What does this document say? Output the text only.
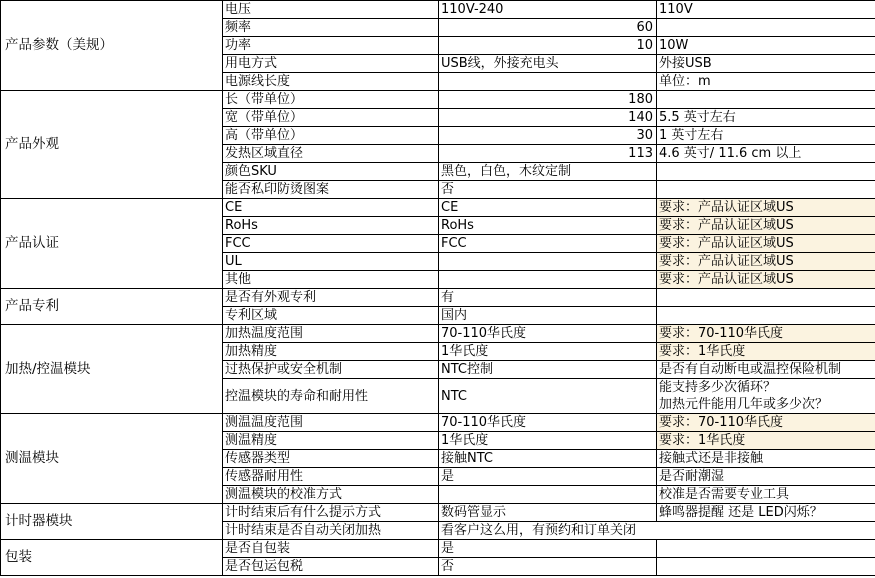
产品参数（美规）	电压	110V-240	110V
	频率	60	
	功率	10	10W
	用电方式	USB线，外接充电头	外接USB
	电源线长度		单位：m
产品外观	长（带单位）	180	
	宽（带单位）	140	5.5 英寸左右
	高（带单位）	30	1 英寸左右
	发热区域直径	113	4.6 英寸/ 11.6 cm 以上
	颜色SKU	黑色，白色，木纹定制	
	能否私印防烫图案	否	
产品认证	CE	CE	要求：产品认证区域US
	RoHs	RoHs	要求：产品认证区域US
	FCC	FCC	要求：产品认证区域US
	UL		要求：产品认证区域US
	其他		要求：产品认证区域US
产品专利	是否有外观专利	有	
	专利区域	国内	
加热/控温模块	加热温度范围	70-110华氏度	要求：70-110华氏度
	加热精度	1华氏度	要求：1华氏度
	过热保护或安全机制	NTC控制	是否有自动断电或温控保险机制
	控温模块的寿命和耐用性	NTC	能支持多少次循环？
加热元件能用几年或多少次？

测温模块	测温温度范围	70-110华氏度	要求：70-110华氏度
	测温精度	1华氏度	要求：1华氏度
	传感器类型	接触NTC	接触式还是非接触
	传感器耐用性	是	是否耐潮湿
	测温模块的校准方式		校准是否需要专业工具
计时器模块	计时结束后有什么提示方式	数码管显示	蜂鸣器提醒 还是 LED闪烁？
	计时结束是否自动关闭加热	看客户这么用，有预约和订单关闭	
包装	是否自包装	是	
	是否包运包税	否	
